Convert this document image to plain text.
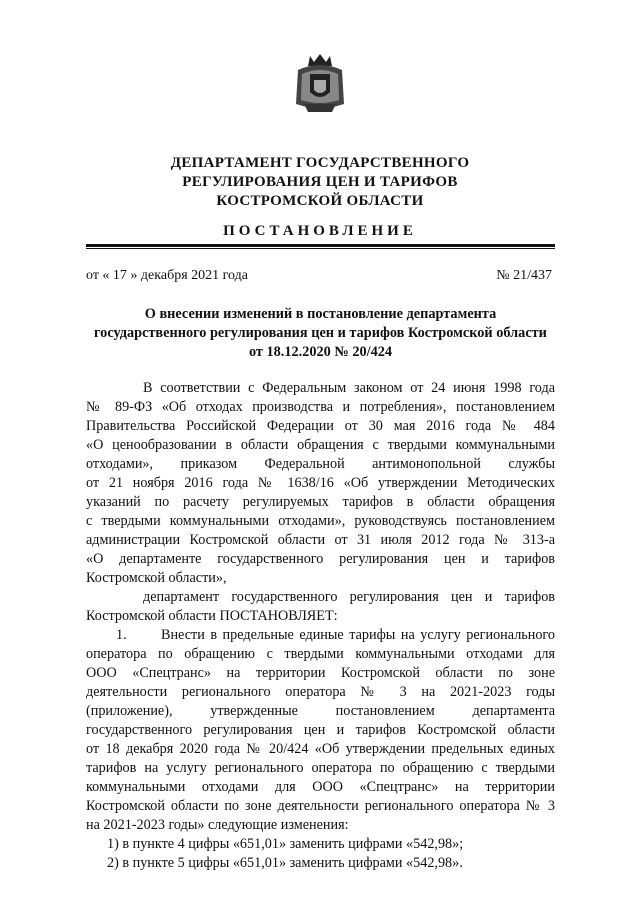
ДЕПАРТАМЕНТ ГОСУДАРСТВЕННОГО
РЕГУЛИРОВАНИЯ ЦЕН И ТАРИФОВ
КОСТРОМСКОЙ ОБЛАСТИ
ПОСТАНОВЛЕНИЕ
от « 17 » декабря 2021 года	№ 21/437
О внесении изменений в постановление департамента
государственного регулирования цен и тарифов Костромской области
от 18.12.2020 № 20/424
В соответствии с Федеральным законом от 24 июня 1998 года
№ 89-ФЗ «Об отходах производства и потребления», постановлением
Правительства Российской Федерации от 30 мая 2016 года № 484
«О ценообразовании в области обращения с твердыми коммунальными
отходами», приказом Федеральной антимонопольной службы
от 21 ноября 2016 года № 1638/16 «Об утверждении Методических
указаний по расчету регулируемых тарифов в области обращения
с твердыми коммунальными отходами», руководствуясь постановлением
администрации Костромской области от 31 июля 2012 года № 313-а
«О департаменте государственного регулирования цен и тарифов
Костромской области»,
департамент государственного регулирования цен и тарифов
Костромской области ПОСТАНОВЛЯЕТ:
1. Внести в предельные единые тарифы на услугу регионального
оператора по обращению с твердыми коммунальными отходами для
ООО «Спецтранс» на территории Костромской области по зоне
деятельности регионального оператора № 3 на 2021-2023 годы
(приложение), утвержденные постановлением департамента
государственного регулирования цен и тарифов Костромской области
от 18 декабря 2020 года № 20/424 «Об утверждении предельных единых
тарифов на услугу регионального оператора по обращению с твердыми
коммунальными отходами для ООО «Спецтранс» на территории
Костромской области по зоне деятельности регионального оператора № 3
на 2021-2023 годы» следующие изменения:
1) в пункте 4 цифры «651,01» заменить цифрами «542,98»;
2) в пункте 5 цифры «651,01» заменить цифрами «542,98».
